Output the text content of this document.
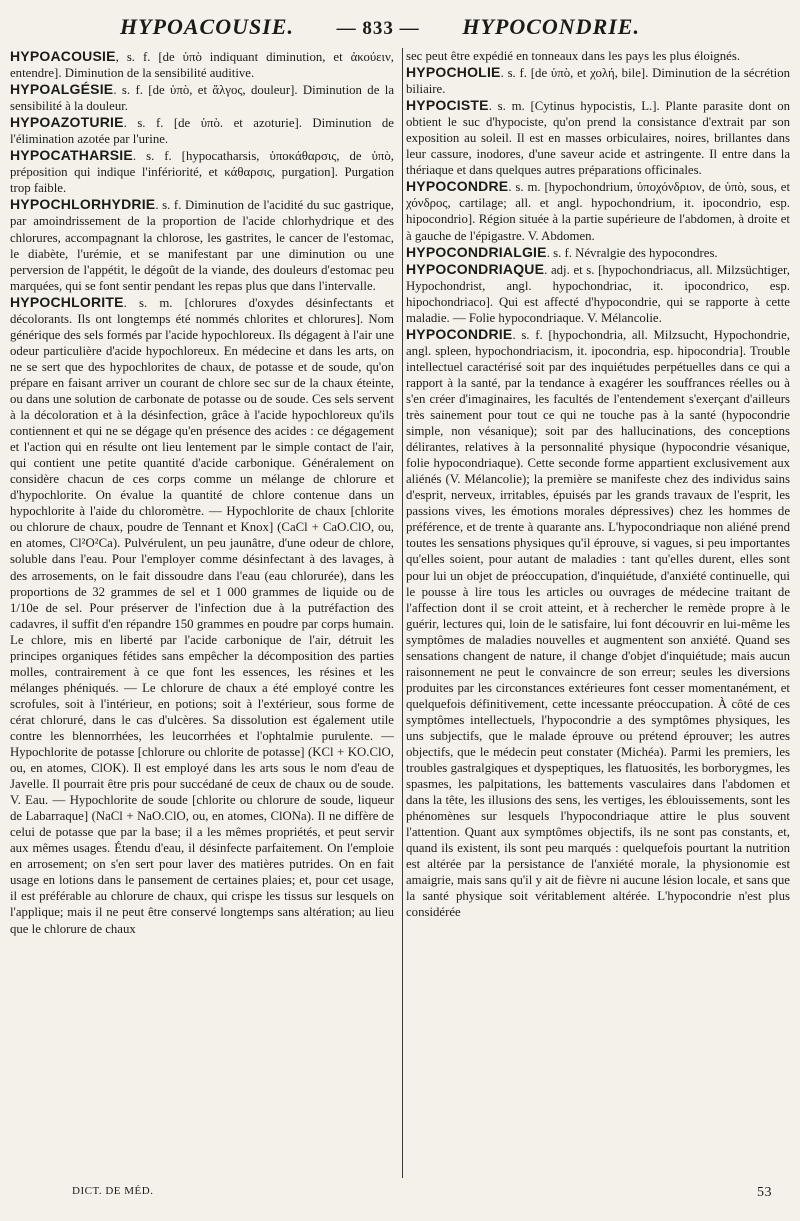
HYPOACOUSIE. — 833 — HYPOCONDRIE.

HYPOACOUSIE, s. f. [de ὑπὸ indiquant diminution, et ἀκούειν, entendre]. Diminution de la sensibilité auditive.

HYPOALGÉSIE. s. f. [de ὑπὸ, et ἄλγος, douleur]. Diminution de la sensibilité à la douleur.

HYPOAZOTURIE. s. f. [de ὑπὸ. et azoturie]. Diminution de l'élimination azotée par l'urine.

HYPOCATHARSIE. s. f. [hypocatharsis, ὑποκάθαρσις, de ὑπὸ, préposition qui indique l'infériorité, et κάθαρσις, purgation]. Purgation trop faible.

HYPOCHLORHYDRIE. s. f. Diminution de l'acidité du suc gastrique, par amoindrissement de la proportion de l'acide chlorhydrique et des chlorures, accompagnant la chlorose, les gastrites, le cancer de l'estomac, le diabète, l'urémie, et se manifestant par une diminution ou une perversion de l'appétit, le dégoût de la viande, des douleurs d'estomac peu marquées, qui se font sentir pendant les repas plus que dans l'intervalle.

HYPOCHLORITE. s. m. [chlorures d'oxydes désinfectants et décolorants. Ils ont longtemps été nommés chlorites et chlorures]. Nom générique des sels formés par l'acide hypochloreux. Ils dégagent à l'air une odeur particulière d'acide hypochloreux. En médecine et dans les arts, on ne se sert que des hypochlorites de chaux, de potasse et de soude, qu'on prépare en faisant arriver un courant de chlore sec sur de la chaux éteinte, ou dans une solution de carbonate de potasse ou de soude. Ces sels servent à la décoloration et à la désinfection, grâce à l'acide hypochloreux qu'ils contiennent et qui ne se dégage qu'en présence des acides : ce dégagement et l'action qui en résulte ont lieu lentement par le simple contact de l'air, qui contient une petite quantité d'acide carbonique. Généralement on considère chacun de ces corps comme un mélange de chlorure et d'hypochlorite. On évalue la quantité de chlore contenue dans un hypochlorite à l'aide du chloromètre. — Hypochlorite de chaux [chlorite ou chlorure de chaux, poudre de Tennant et Knox] (CaCl + CaO.ClO, ou, en atomes, Cl²O²Ca). Pulvérulent, un peu jaunâtre, d'une odeur de chlore, soluble dans l'eau. Pour l'employer comme désinfectant à des lavages, à des arrosements, on le fait dissoudre dans l'eau (eau chlorurée), dans les proportions de 32 grammes de sel et 1 000 grammes de liquide ou de 1/10e de sel. Pour préserver de l'infection due à la putréfaction des cadavres, il suffit d'en répandre 150 grammes en poudre par corps humain. Le chlore, mis en liberté par l'acide carbonique de l'air, détruit les principes organiques fétides sans empêcher la décomposition des parties molles, contrairement à ce que font les essences, les résines et les mélanges phéniqués. — Le chlorure de chaux a été employé contre les scrofules, soit à l'intérieur, en potions; soit à l'extérieur, sous forme de cérat chloruré, dans le cas d'ulcères. Sa dissolution est également utile contre les blennorrhées, les leucorrhées et l'ophtalmie purulente. — Hypochlorite de potasse [chlorure ou chlorite de potasse] (KCl + KO.ClO, ou, en atomes, ClOK). Il est employé dans les arts sous le nom d'eau de Javelle. Il pourrait être pris pour succédané de ceux de chaux ou de soude. V. Eau. — Hypochlorite de soude [chlorite ou chlorure de soude, liqueur de Labarraque] (NaCl + NaO.ClO, ou, en atomes, ClONa). Il ne diffère de celui de potasse que par la base; il a les mêmes propriétés, et peut servir aux mêmes usages. Étendu d'eau, il désinfecte parfaitement. On l'emploie en arrosement; on s'en sert pour laver des matières putrides. On en fait usage en lotions dans le pansement de certaines plaies; et, pour cet usage, il est préférable au chlorure de chaux, qui crispe les tissus sur lesquels on l'applique; mais il ne peut être conservé longtemps sans altération; au lieu que le chlorure de chaux

sec peut être expédié en tonneaux dans les pays les plus éloignés.

HYPOCHOLIE. s. f. [de ὑπὸ, et χολή, bile]. Diminution de la sécrétion biliaire.

HYPOCISTE. s. m. [Cytinus hypocistis, L.]. Plante parasite dont on obtient le suc d'hypociste, qu'on prend la consistance d'extrait par son exposition au soleil. Il est en masses orbiculaires, noires, brillantes dans leur cassure, inodores, d'une saveur acide et astringente. Il entre dans la thériaque et dans quelques autres préparations officinales.

HYPOCONDRE. s. m. [hypochondrium, ὑποχόνδριον, de ὑπὸ, sous, et χόνδρος, cartilage; all. et angl. hypochondrium, it. ipocondrio, esp. hipocondrio]. Région située à la partie supérieure de l'abdomen, à droite et à gauche de l'épigastre. V. Abdomen.

HYPOCONDRIALGIE. s. f. Névralgie des hypocondres.

HYPOCONDRIAQUE. adj. et s. [hypochondriacus, all. Milzsüchtiger, Hypochondrist, angl. hypochondriac, it. ipocondrico, esp. hipochondriaco]. Qui est affecté d'hypocondrie, qui se rapporte à cette maladie. — Folie hypocondriaque. V. Mélancolie.

HYPOCONDRIE. s. f. [hypochondria, all. Milzsucht, Hypochondrie, angl. spleen, hypochondriacism, it. ipocondria, esp. hipocondria]. Trouble intellectuel caractérisé soit par des inquiétudes perpétuelles dans ce qui a rapport à la santé, par la tendance à exagérer les souffrances réelles ou à s'en créer d'imaginaires, les facultés de l'entendement s'exerçant d'ailleurs très sainement pour tout ce qui ne touche pas à la santé (hypocondrie simple, non vésanique); soit par des hallucinations, des conceptions délirantes, relatives à la personnalité physique (hypocondrie vésanique, folie hypocondriaque). Cette seconde forme appartient exclusivement aux aliénés (V. Mélancolie); la première se manifeste chez des individus sains d'esprit, nerveux, irritables, épuisés par les grands travaux de l'esprit, les passions vives, les émotions morales dépressives) chez les hommes de préférence, et de trente à quarante ans. L'hypocondriaque non aliéné prend toutes les sensations physiques qu'il éprouve, si vagues, si peu importantes qu'elles soient, pour autant de maladies : tant qu'elles durent, elles sont pour lui un objet de préoccupation, d'inquiétude, d'anxiété continuelle, qui le pousse à lire tous les articles ou ouvrages de médecine traitant de l'affection dont il se croit atteint, et à rechercher le remède propre à le guérir, lectures qui, loin de le satisfaire, lui font découvrir en lui-même les symptômes de maladies nouvelles et augmentent son anxiété. Quand ses sensations changent de nature, il change d'objet d'inquiétude; mais aucun raisonnement ne peut le convaincre de son erreur; seules les diversions produites par les circonstances extérieures font cesser momentanément, et quelquefois définitivement, cette incessante préoccupation. À côté de ces symptômes intellectuels, l'hypocondrie a des symptômes physiques, les uns subjectifs, que le malade éprouve ou prétend éprouver; les autres objectifs, que le médecin peut constater (Michéa). Parmi les premiers, les troubles gastralgiques et dyspeptiques, les flatuosités, les borborygmes, les spasmes, les palpitations, les battements vasculaires dans l'abdomen et dans la tête, les illusions des sens, les vertiges, les éblouissements, sont les phénomènes sur lesquels l'hypocondriaque attire le plus souvent l'attention. Quant aux symptômes objectifs, ils ne sont pas constants, et, quand ils existent, ils sont peu marqués : quelquefois pourtant la nutrition est altérée par la persistance de l'anxiété morale, la physionomie est amaigrie, mais sans qu'il y ait de fièvre ni aucune lésion locale, et sans que la santé physique soit véritablement altérée. L'hypocondrie n'est plus considérée

DICT. DE MÉD.	53
